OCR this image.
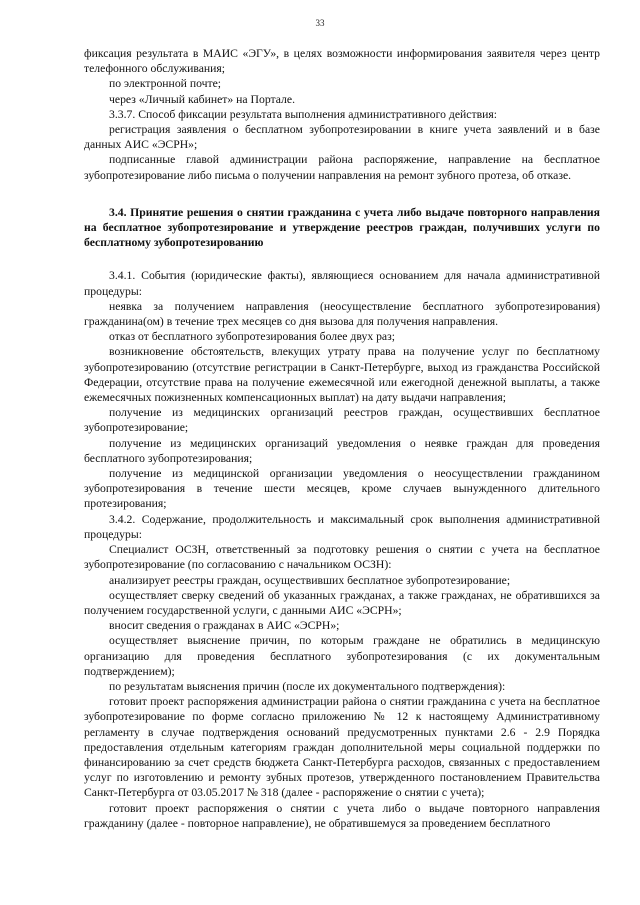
33

фиксация результата в МАИС «ЭГУ», в целях возможности информирования заявителя через центр телефонного обслуживания;

по электронной почте;

через «Личный кабинет» на Портале.

3.3.7. Способ фиксации результата выполнения административного действия:

регистрация заявления о бесплатном зубопротезировании в книге учета заявлений и в базе данных АИС «ЭСРН»;

подписанные главой администрации района распоряжение, направление на бесплатное зубопротезирование либо письма о получении направления на ремонт зубного протеза, об отказе.

3.4. Принятие решения о снятии гражданина с учета либо выдаче повторного направления на бесплатное зубопротезирование и утверждение реестров граждан, получивших услуги по бесплатному зубопротезированию

3.4.1. События (юридические факты), являющиеся основанием для начала административной процедуры:

неявка за получением направления (неосуществление бесплатного зубопротезирования) гражданина(ом) в течение трех месяцев со дня вызова для получения направления.

отказ от бесплатного зубопротезирования более двух раз;

возникновение обстоятельств, влекущих утрату права на получение услуг по бесплатному зубопротезированию (отсутствие регистрации в Санкт-Петербурге, выход из гражданства Российской Федерации, отсутствие права на получение ежемесячной или ежегодной денежной выплаты, а также ежемесячных пожизненных компенсационных выплат) на дату выдачи направления;

получение из медицинских организаций реестров граждан, осуществивших бесплатное зубопротезирование;

получение из медицинских организаций уведомления о неявке граждан для проведения бесплатного зубопротезирования;

получение из медицинской организации уведомления о неосуществлении гражданином зубопротезирования в течение шести месяцев, кроме случаев вынужденного длительного протезирования;

3.4.2. Содержание, продолжительность и максимальный срок выполнения административной процедуры:

Специалист ОСЗН, ответственный за подготовку решения о снятии с учета на бесплатное зубопротезирование (по согласованию с начальником ОСЗН):

анализирует реестры граждан, осуществивших бесплатное зубопротезирование;

осуществляет сверку сведений об указанных гражданах, а также гражданах, не обратившихся за получением государственной услуги, с данными АИС «ЭСРН»;

вносит сведения о гражданах в АИС «ЭСРН»;

осуществляет выяснение причин, по которым граждане не обратились в медицинскую организацию для проведения бесплатного зубопротезирования (с их документальным подтверждением);

по результатам выяснения причин (после их документального подтверждения):

готовит проект распоряжения администрации района о снятии гражданина с учета на бесплатное зубопротезирование по форме согласно приложению № 12 к настоящему Административному регламенту в случае подтверждения оснований предусмотренных пунктами 2.6 - 2.9 Порядка предоставления отдельным категориям граждан дополнительной меры социальной поддержки по финансированию за счет средств бюджета Санкт-Петербурга расходов, связанных с предоставлением услуг по изготовлению и ремонту зубных протезов, утвержденного постановлением Правительства Санкт-Петербурга от 03.05.2017 № 318 (далее - распоряжение о снятии с учета);

готовит проект распоряжения о снятии с учета либо о выдаче повторного направления гражданину (далее - повторное направление), не обратившемуся за проведением бесплатного
